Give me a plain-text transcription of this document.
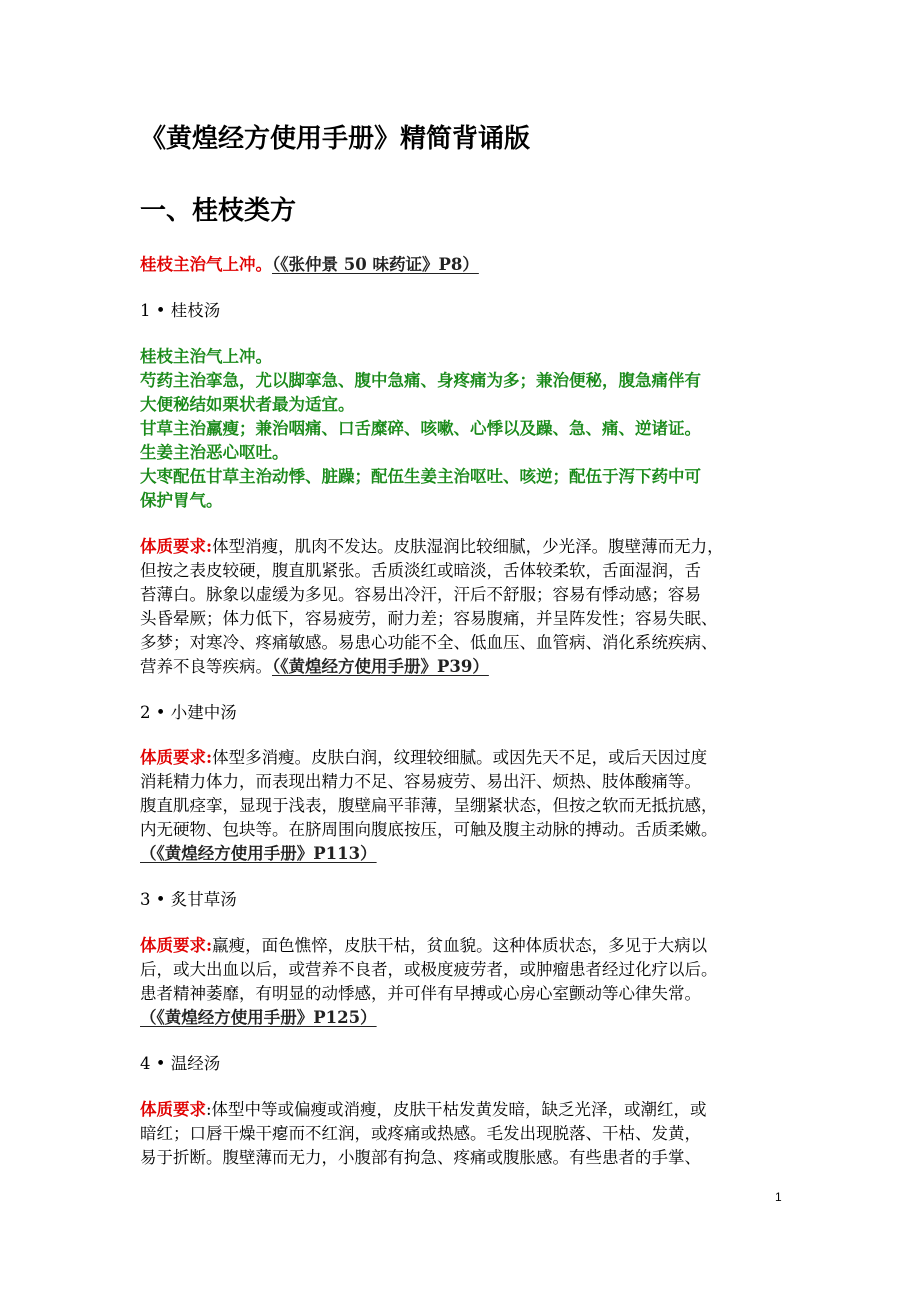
《黄煌经方使用手册》精简背诵版
一、桂枝类方
桂枝主治气上冲。（《张仲景 50 味药证》P8）
1 • 桂枝汤
桂枝主治气上冲。
芍药主治挛急，尤以脚挛急、腹中急痛、身疼痛为多；兼治便秘，腹急痛伴有
大便秘结如栗状者最为适宜。
甘草主治羸瘦；兼治咽痛、口舌糜碎、咳嗽、心悸以及躁、急、痛、逆诸证。
生姜主治恶心呕吐。
大枣配伍甘草主治动悸、脏躁；配伍生姜主治呕吐、咳逆；配伍于泻下药中可
保护胃气。
体质要求:体型消瘦，肌肉不发达。皮肤湿润比较细腻，少光泽。腹壁薄而无力，
但按之表皮较硬，腹直肌紧张。舌质淡红或暗淡，舌体较柔软，舌面湿润，舌
苔薄白。脉象以虚缓为多见。容易出冷汗，汗后不舒服；容易有悸动感；容易
头昏晕厥；体力低下，容易疲劳，耐力差；容易腹痛，并呈阵发性；容易失眠、
多梦；对寒冷、疼痛敏感。易患心功能不全、低血压、血管病、消化系统疾病、
营养不良等疾病。（《黄煌经方使用手册》P39）
2 • 小建中汤
体质要求:体型多消瘦。皮肤白润，纹理较细腻。或因先天不足，或后天因过度
消耗精力体力，而表现出精力不足、容易疲劳、易出汗、烦热、肢体酸痛等。
腹直肌痉挛，显现于浅表，腹壁扁平菲薄，呈绷紧状态，但按之软而无抵抗感，
内无硬物、包块等。在脐周围向腹底按压，可触及腹主动脉的搏动。舌质柔嫩。
（《黄煌经方使用手册》P113）
3 • 炙甘草汤
体质要求:羸瘦，面色憔悴，皮肤干枯，贫血貌。这种体质状态，多见于大病以
后，或大出血以后，或营养不良者，或极度疲劳者，或肿瘤患者经过化疗以后。
患者精神萎靡，有明显的动悸感，并可伴有早搏或心房心室颤动等心律失常。
（《黄煌经方使用手册》P125）
4 • 温经汤
体质要求:体型中等或偏瘦或消瘦，皮肤干枯发黄发暗，缺乏光泽，或潮红，或
暗红；口唇干燥干瘪而不红润，或疼痛或热感。毛发出现脱落、干枯、发黄，
易于折断。腹壁薄而无力，小腹部有拘急、疼痛或腹胀感。有些患者的手掌、
1
